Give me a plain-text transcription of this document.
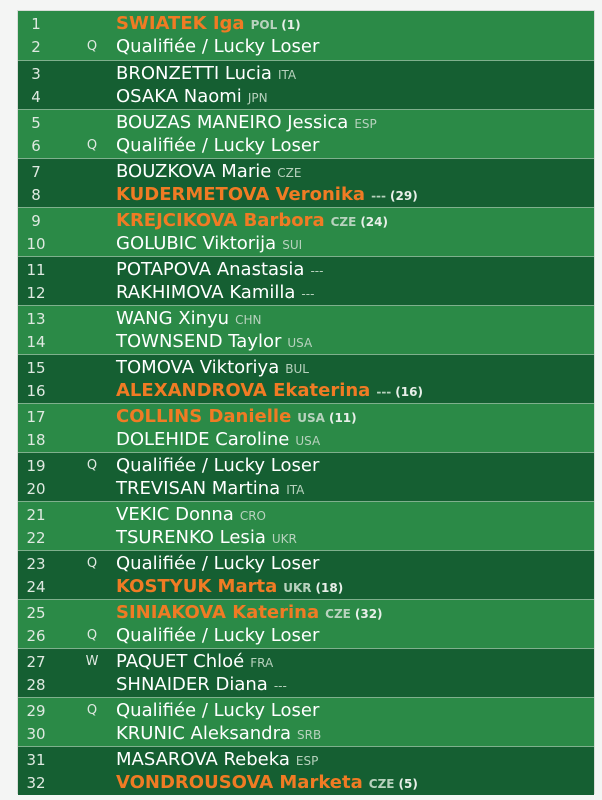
1	SWIATEK Iga POL (1)
2	Q Qualifiée / Lucky Loser
3	BRONZETTI Lucia ITA
4	OSAKA Naomi JPN
5	BOUZAS MANEIRO Jessica ESP
6	Q Qualifiée / Lucky Loser
7	BOUZKOVA Marie CZE
8	KUDERMETOVA Veronika --- (29)
9	KREJCIKOVA Barbora CZE (24)
10	GOLUBIC Viktorija SUI
11	POTAPOVA Anastasia ---
12	RAKHIMOVA Kamilla ---
13	WANG Xinyu CHN
14	TOWNSEND Taylor USA
15	TOMOVA Viktoriya BUL
16	ALEXANDROVA Ekaterina --- (16)
17	COLLINS Danielle USA (11)
18	DOLEHIDE Caroline USA
19	Q Qualifiée / Lucky Loser
20	TREVISAN Martina ITA
21	VEKIC Donna CRO
22	TSURENKO Lesia UKR
23	Q Qualifiée / Lucky Loser
24	KOSTYUK Marta UKR (18)
25	SINIAKOVA Katerina CZE (32)
26	Q Qualifiée / Lucky Loser
27	W PAQUET Chloé FRA
28	SHNAIDER Diana ---
29	Q Qualifiée / Lucky Loser
30	KRUNIC Aleksandra SRB
31	MASAROVA Rebeka ESP
32	VONDROUSOVA Marketa CZE (5)
